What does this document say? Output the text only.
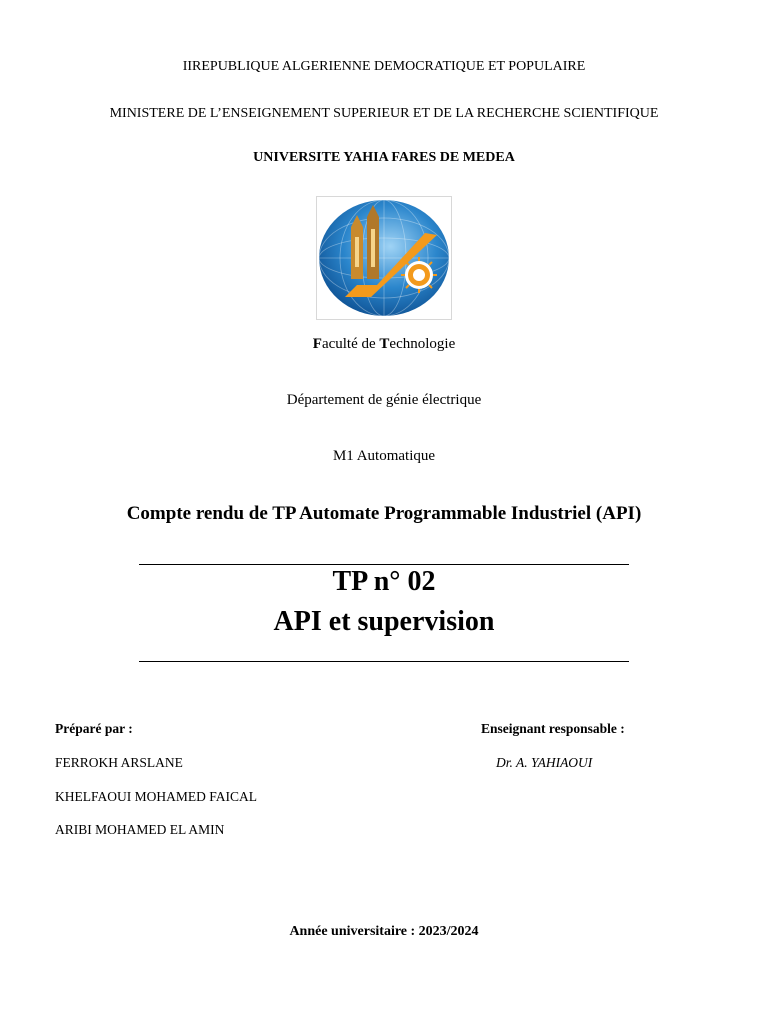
IIREPUBLIQUE ALGERIENNE DEMOCRATIQUE ET POPULAIRE
MINISTERE DE L’ENSEIGNEMENT SUPERIEUR ET DE LA RECHERCHE SCIENTIFIQUE
UNIVERSITE YAHIA FARES DE MEDEA
Faculté de Technologie
Département de génie électrique
M1 Automatique
Compte rendu de TP Automate Programmable Industriel (API)
TP n° 02
API et supervision
Préparé par :
FERROKH ARSLANE
KHELFAOUI MOHAMED FAICAL
ARIBI MOHAMED EL AMIN
Enseignant responsable :
Dr. A. YAHIAOUI
Année universitaire : 2023/2024
